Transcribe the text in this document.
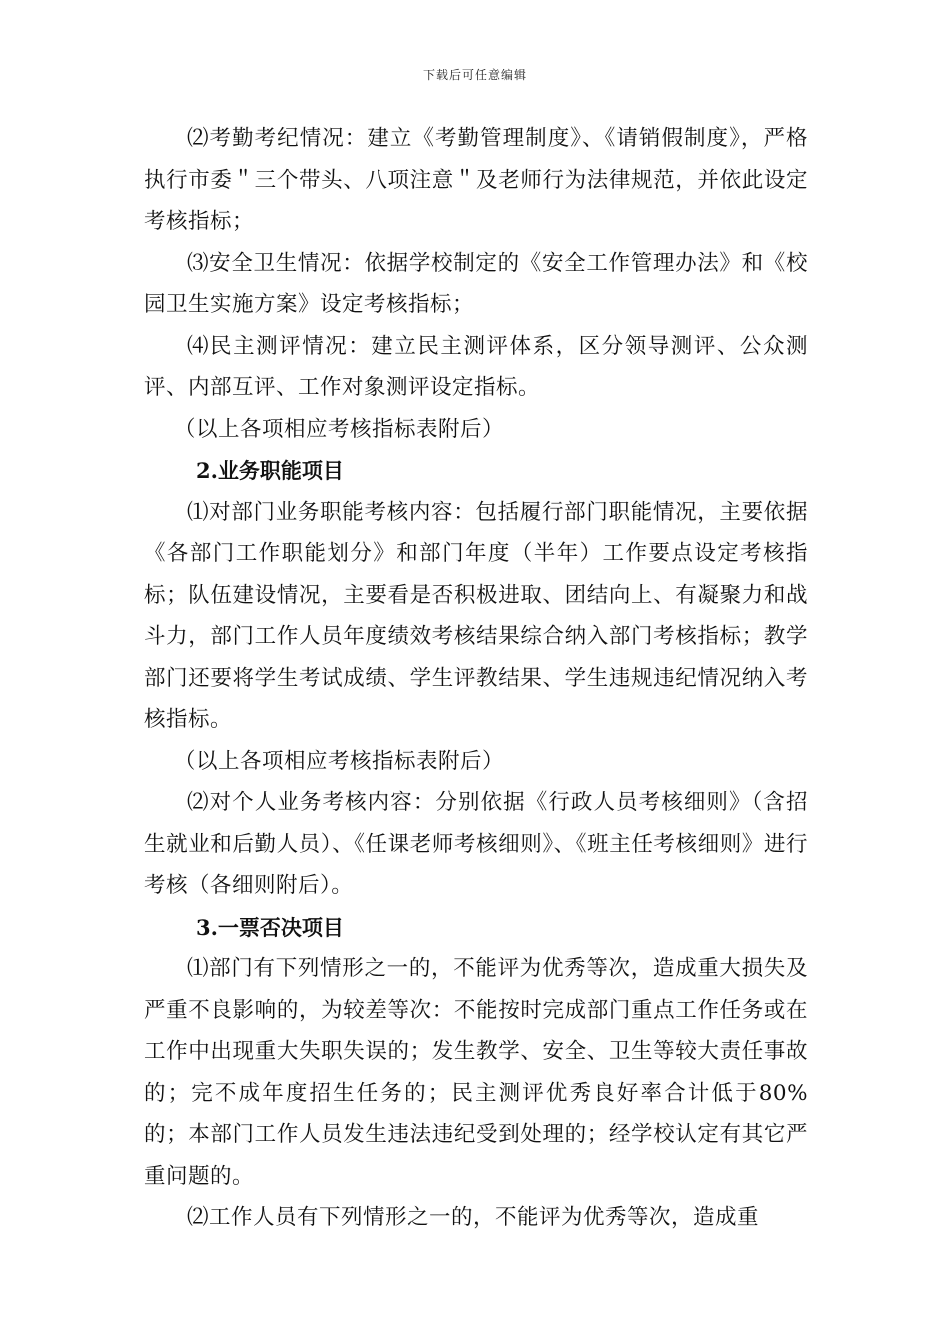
下载后可任意编辑

⑵考勤考纪情况：建立《考勤管理制度》、《请销假制度》，严格执行市委＂三个带头、八项注意＂及老师行为法律规范，并依此设定考核指标；

⑶安全卫生情况：依据学校制定的《安全工作管理办法》和《校园卫生实施方案》设定考核指标；

⑷民主测评情况：建立民主测评体系，区分领导测评、公众测评、内部互评、工作对象测评设定指标。

（以上各项相应考核指标表附后）

2.业务职能项目

⑴对部门业务职能考核内容：包括履行部门职能情况，主要依据《各部门工作职能划分》和部门年度（半年）工作要点设定考核指标；队伍建设情况，主要看是否积极进取、团结向上、有凝聚力和战斗力，部门工作人员年度绩效考核结果综合纳入部门考核指标；教学部门还要将学生考试成绩、学生评教结果、学生违规违纪情况纳入考核指标。

（以上各项相应考核指标表附后）

⑵对个人业务考核内容：分别依据《行政人员考核细则》（含招生就业和后勤人员）、《任课老师考核细则》、《班主任考核细则》进行考核（各细则附后）。

3.一票否决项目

⑴部门有下列情形之一的，不能评为优秀等次，造成重大损失及严重不良影响的，为较差等次：不能按时完成部门重点工作任务或在工作中出现重大失职失误的；发生教学、安全、卫生等较大责任事故的；完不成年度招生任务的；民主测评优秀良好率合计低于80%的；本部门工作人员发生违法违纪受到处理的；经学校认定有其它严重问题的。

⑵工作人员有下列情形之一的，不能评为优秀等次，造成重
